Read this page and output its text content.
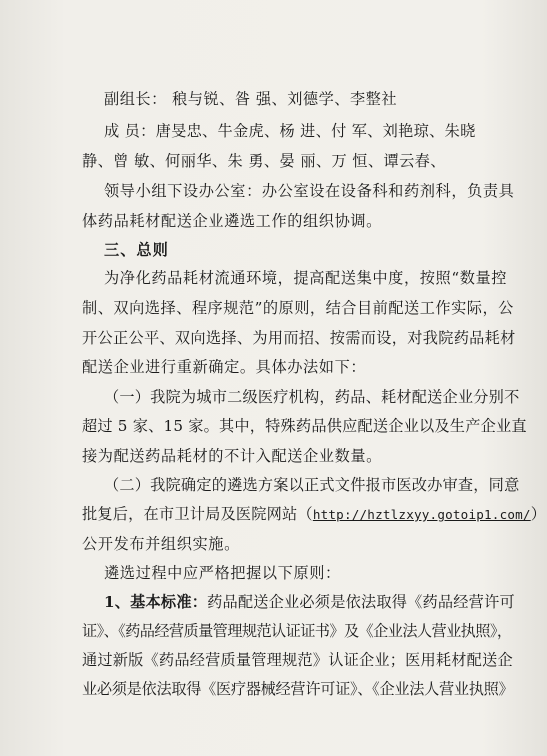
副组长： 稂与锐、昝 强、刘德学、李整社
成 员：唐旻忠、牛金虎、杨 进、付 军、刘艳琼、朱晓
静、曾 敏、何丽华、朱 勇、晏 丽、万 恒、谭云春、
领导小组下设办公室：办公室设在设备科和药剂科，负责具
体药品耗材配送企业遴选工作的组织协调。
三、总则
为净化药品耗材流通环境，提高配送集中度，按照“数量控
制、双向选择、程序规范”的原则，结合目前配送工作实际，公
开公正公平、双向选择、为用而招、按需而设，对我院药品耗材
配送企业进行重新确定。具体办法如下：
（一）我院为城市二级医疗机构，药品、耗材配送企业分别不
超过 5 家、15 家。其中，特殊药品供应配送企业以及生产企业直
接为配送药品耗材的不计入配送企业数量。
（二）我院确定的遴选方案以正式文件报市医改办审查，同意
批复后，在市卫计局及医院网站（http://hztlzxyy.gotoip1.com/）
公开发布并组织实施。
遴选过程中应严格把握以下原则：
1、基本标准：药品配送企业必须是依法取得《药品经营许可
证》、《药品经营质量管理规范认证证书》及《企业法人营业执照》，
通过新版《药品经营质量管理规范》认证企业；医用耗材配送企
业必须是依法取得《医疗器械经营许可证》、《企业法人营业执照》
